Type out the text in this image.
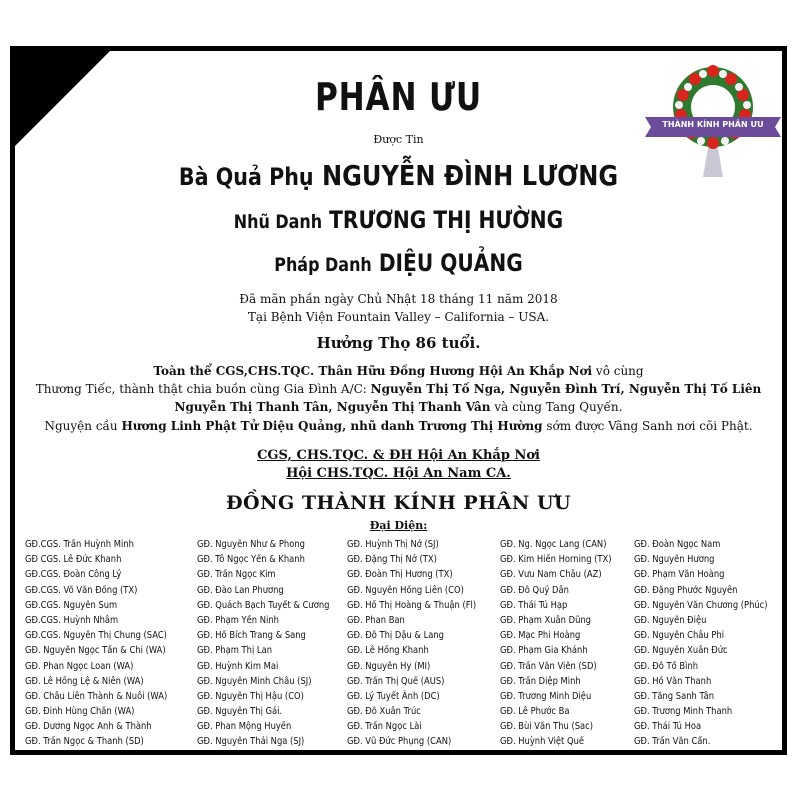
THÀNH KÍNH PHÂN ƯU
PHÂN ƯU
Được Tin
Bà Quả Phụ NGUYỄN ĐÌNH LƯƠNG
Nhũ Danh TRƯƠNG THỊ HƯỜNG
Pháp Danh DIỆU QUẢNG
Đã mãn phần ngày Chủ Nhật 18 tháng 11 năm 2018
Tại Bệnh Viện Fountain Valley – California – USA.
Hưởng Thọ 86 tuổi.
Toàn thể CGS,CHS.TQC. Thân Hữu Đồng Hương Hội An Khắp Nơi vô cùng
Thương Tiếc, thành thật chia buồn cùng Gia Đình A/C: Nguyễn Thị Tố Nga, Nguyễn Đình Trí, Nguyễn Thị Tố Liên
Nguyễn Thị Thanh Tân, Nguyễn Thị Thanh Vân và cùng Tang Quyến.
Nguyện cầu Hương Linh Phật Tử Diệu Quảng, nhũ danh Trương Thị Hường sớm được Vãng Sanh nơi cõi Phật.
CGS, CHS.TQC. & ĐH Hội An Khắp Nơi
Hội CHS.TQC. Hội An Nam CA.
ĐỒNG THÀNH KÍNH PHÂN ƯU
Đại Diện:
GĐ.CGS. Trần Huỳnh Minh
GĐ CGS. Lê Đức Khanh
GĐ.CGS. Đoàn Công Lý
GĐ.CGS. Võ Văn Đồng (TX)
GĐ.CGS. Nguyễn Sum
GĐ.CGS. Huỳnh Nhâm
GĐ.CGS. Nguyễn Thị Chung (SAC)
GĐ. Nguyễn Ngọc Tấn & Chi (WA)
GĐ. Phan Ngọc Loan (WA)
GĐ. Lê Hồng Lệ & Niên (WA)
GĐ. Châu Liên Thành & Nuôi (WA)
GĐ. Đinh Hùng Chấn (WA)
GĐ. Dương Ngọc Anh & Thành
GĐ. Trần Ngọc & Thanh (SD)
GĐ. Nguyễn Như & Phong
GĐ. Tô Ngọc Yến & Khanh
GĐ. Trần Ngọc Kim
GĐ. Đào Lan Phương
GĐ. Quách Bạch Tuyết & Cương
GĐ. Phạm Yến Ninh
GĐ. Hồ Bích Trang & Sang
GĐ. Phạm Thị Lan
GĐ. Huỳnh Kim Mai
GĐ. Nguyễn Minh Châu (SJ)
GĐ. Nguyễn Thị Hậu (CO)
GĐ. Nguyễn Thị Gái.
GĐ. Phan Mộng Huyền
GĐ. Nguyễn Thái Nga (SJ)
GĐ. Huỳnh Thị Nở (SJ)
GĐ. Đặng Thị Nở (TX)
GĐ. Đoàn Thị Hương (TX)
GĐ. Nguyễn Hồng Liên (CO)
GĐ. Hồ Thị Hoàng & Thuận (Fl)
GĐ. Phan Ban
GĐ. Đỗ Thị Dậu & Lang
GĐ. Lê Hồng Khanh
GĐ. Nguyễn Hy (MI)
GĐ. Trần Thị Quế (AUS)
GĐ. Lý Tuyết Ánh (DC)
GĐ. Đỗ Xuân Trúc
GĐ. Trần Ngọc Lài
GĐ. Vũ Đức Phụng (CAN)
GĐ. Ng. Ngọc Lang (CAN)
GĐ. Kim Hiền Horning (TX)
GĐ. Vưu Nam Châu (AZ)
GĐ. Đỗ Quý Dân
GĐ. Thái Tú Hạp
GĐ. Phạm Xuân Dũng
GĐ. Mạc Phi Hoàng
GĐ. Phạm Gia Khánh
GĐ. Trần Văn Viễn (SD)
GĐ. Trần Diệp Minh
GĐ. Trương Minh Diệu
GĐ. Lê Phước Ba
GĐ. Bùi Văn Thu (Sac)
GĐ. Huỳnh Việt Quế
GĐ. Đoàn Ngọc Nam
GĐ. Nguyễn Hương
GĐ. Phạm Văn Hoàng
GĐ. Đặng Phước Nguyên
GĐ. Nguyễn Văn Chương (Phúc)
GĐ. Nguyễn Điệu
GĐ. Nguyễn Châu Phi
GĐ. Nguyễn Xuân Đức
GĐ. Đỗ Tố Bình
GĐ. Hồ Văn Thanh
GĐ. Tăng Sanh Tân
GĐ. Trương Minh Thanh
GĐ. Thái Tú Hoa
GĐ. Trần Văn Cẩn.
